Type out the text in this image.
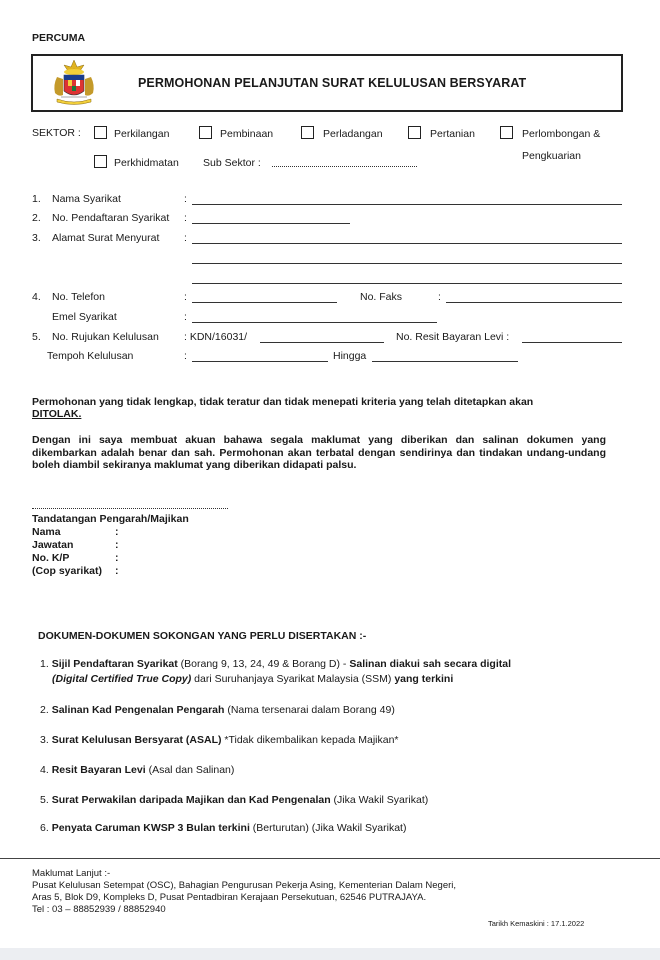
PERCUMA
PERMOHONAN PELANJUTAN SURAT KELULUSAN BERSYARAT
SEKTOR :	Perkilangan	Pembinaan	Perladangan	Pertanian	Perlombongan &
Pengkuarian
Perkhidmatan Sub Sektor :
1. Nama Syarikat	:
2. No. Pendaftaran Syarikat :
3. Alamat Surat Menyurat :
4. No. Telefon	:	No. Faks	:
Emel Syarikat	:
5. No. Rujukan Kelulusan : KDN/16031/	No. Resit Bayaran Levi :
Tempoh Kelulusan	:	Hingga
Permohonan yang tidak lengkap, tidak teratur dan tidak menepati kriteria yang telah ditetapkan akan
DITOLAK.
Dengan ini saya membuat akuan bahawa segala maklumat yang diberikan dan salinan dokumen yang dikembarkan adalah benar dan sah. Permohonan akan terbatal dengan sendirinya dan tindakan undang-undang boleh diambil sekiranya maklumat yang diberikan didapati palsu.
Tandatangan Pengarah/Majikan
Nama	:
Jawatan	:
No. K/P	:
(Cop syarikat) :
DOKUMEN-DOKUMEN SOKONGAN YANG PERLU DISERTAKAN :-
1. Sijil Pendaftaran Syarikat (Borang 9, 13, 24, 49 & Borang D) - Salinan diakui sah secara digital
(Digital Certified True Copy) dari Suruhanjaya Syarikat Malaysia (SSM) yang terkini
2. Salinan Kad Pengenalan Pengarah (Nama tersenarai dalam Borang 49)
3. Surat Kelulusan Bersyarat (ASAL) *Tidak dikembalikan kepada Majikan*
4. Resit Bayaran Levi (Asal dan Salinan)
5. Surat Perwakilan daripada Majikan dan Kad Pengenalan (Jika Wakil Syarikat)
6. Penyata Caruman KWSP 3 Bulan terkini (Berturutan) (Jika Wakil Syarikat)
Maklumat Lanjut :-
Pusat Kelulusan Setempat (OSC), Bahagian Pengurusan Pekerja Asing, Kementerian Dalam Negeri,
Aras 5, Blok D9, Kompleks D, Pusat Pentadbiran Kerajaan Persekutuan, 62546 PUTRAJAYA.
Tel : 03 – 88852939 / 88852940
Tarikh Kemaskini : 17.1.2022
